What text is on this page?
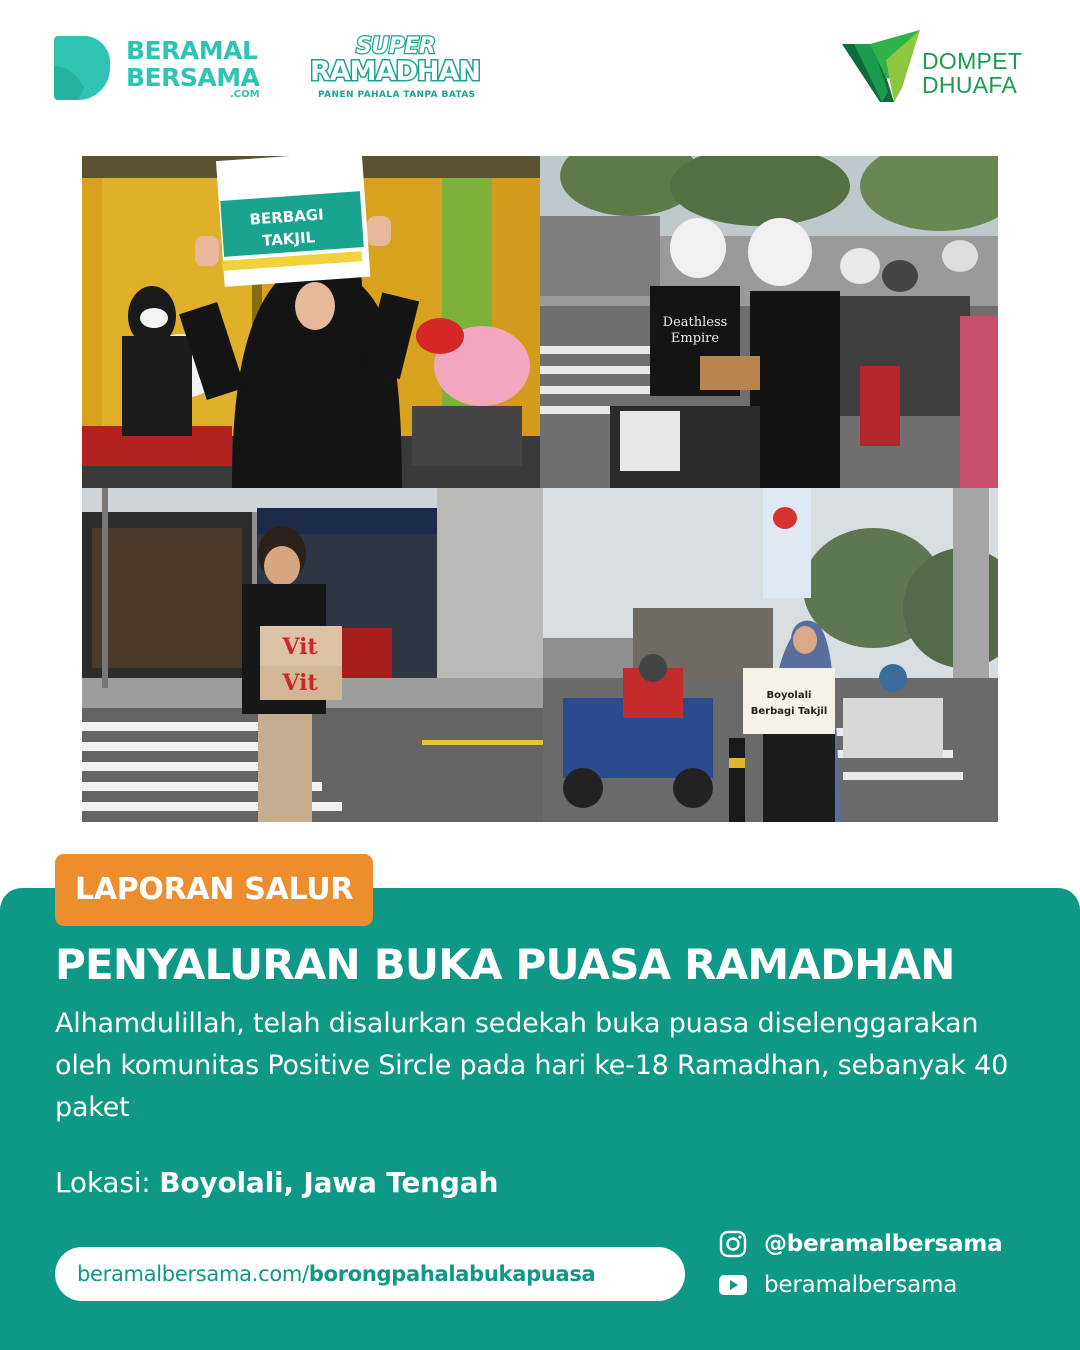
BERAMAL
BERSAMA
.COM
SUPER
RAMADHAN
PANEN PAHALA TANPA BATAS
DOMPET
DHUAFA
BERBAGI
TAKJIL
Deathless
Empire
Vit
Vit	Boyolali
Berbagi Takjil
LAPORAN SALUR
PENYALURAN BUKA PUASA RAMADHAN
Alhamdulillah, telah disalurkan sedekah buka puasa diselenggarakan oleh komunitas Positive Sircle pada hari ke-18 Ramadhan, sebanyak 40 paket
Lokasi: Boyolali, Jawa Tengah
beramalbersama.com/borongpahalabukapuasa
@beramalbersama
beramalbersama
